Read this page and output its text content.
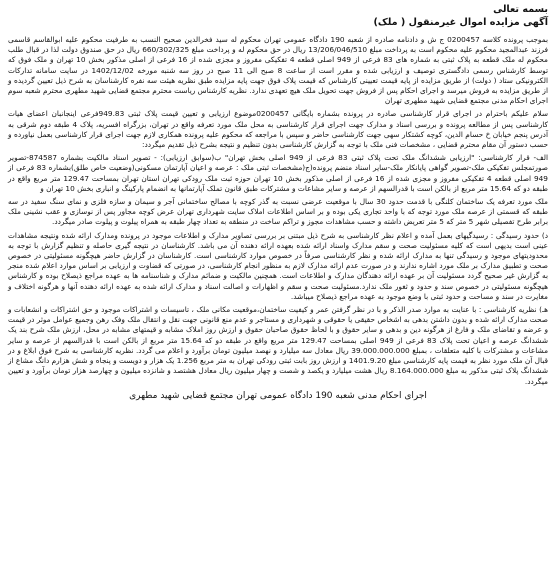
بسمه تعالی
آگهی مزایده اموال غیرمنقول ( ملک)
بموجب پرونده کلاسه 0200457 ج ش و دادنامه صادره از شعبه 190 دادگاه عمومی تهران محکوم له سید فخرالدین صحیح النسب به طرفیت محکوم علیه ابوالقاسم قاسمی فرزند عبدالمجید محکوم علیه محکوم است به پرداخت مبلغ 13/206/046/510 ریال در حق محکوم له و پرداخت مبلغ 660/302/325 ریال در حق صندوق دولت لذا در قبال طلب محکوم له ملک قطعه به پلاک ثبتی به شماره های 83 فرعی از 949 اصلی قطعه 4 تفکیکی مفروز و مجزی شده از 16 فرعی از اصلی مذکور بخش 10 تهران و ملک فوق که توسط کارشناس رسمی دادگستری توصیف و ارزیابی شده و مقرر است از ساعت 8 صبح الی 11 صبح در روز سه شنبه مورخه 1402/12/02 در سایت سامانه تدارکات الکترونیکی ستاد ( دولت) از طریق مزایده از پایه قیمت تعیینی کارشناس که قیمت پلاک فوق جهت پایه مزایده طبق نظریه هیئت سه نفره کارشناسان به شرح ذیل تعیین گردیده و از طریق مزایده به فروش میرسد و اجرای احکام پس از فروش جهت تحویل ملک هیچ تعهدی ندارد. نظریه کارشناس ریاست محترم مجتمع قضایی شهید مطهری محترم شعبه سوم اجرای احکام مدنی مجتمع قضایی شهید مطهری تهران
سلام علیکم باحترام در اجرای قرار کارشناسی صادره در پرونده بشماره بایگانی 0200457موضوع ارزیابی و تعیین قیمت پلاک ثبتی 949.83فرعی اینجانبان اعضای هیات کارشناسی پس از مطالعه پرونده و بررسی اسناد و مدارک جهت اجرای قرار کارشناسی به محل ملک مورد تعرفه واقع در تهران، بزرگراه افسریه، پلاک 4 طبقه دوم شرقی به آدرس پنجم خیابان خ حسام الدین، کوچه کشتکار سهی جهت کارشناسی حاضر و سپس با مراجعه که محکوم علیه پرونده همکاری لازم جهت اجرای قرار کارشناسی بعمل نیاورده و حسب دستور آن مقام محترم قضایی ، مشخصات فنی ملک با توجه به گزارش کارشناسی بدون تنظیم و نتیجه بشرح ذیل تقدیم میگردد:
الف- قرار کارشناسی: "ارزیابی ششدانگ ملک تحت پلاک ثبتی 83 فرعی از 949 اصلی بخش تهران" ب(سوابق ارزیابی): - تصویر اسناد مالکیت بشماره 874587-تصویر صورتمجلس تفکیکی ملک-تصویر گواهی پایانکار ملک-سایر اسناد منضم پرونده(ج(مشخصات ثبتی ملک : عرصه و اعیان آپارتمان مسکونی(وضعیت خاص طلق)بشماره 83 فرعی از 949 اصلی قطعه 4 تفکیکی مفروز و مجزی شده از 16 فرعی از اصلی مذکور بخش 10 تهران حوزه ثبت ملک رودکی تهران استان تهران بمساحت 129.47 متر مربع واقع در طبقه دو که 15.64 متر مربع از بالکن است با قدرالسهم از عرصه و سایر مشاعات و مشترکات طبق قانون تملک آپارتمانها به انضمام پارکینگ و انباری بخش 10 تهران و
ملک مورد تعرفه یک ساختمان کلنگی با قدمت حدود 30 سال با موقعیت عرضی نسبت به گذر کوچه با مصالح ساختمانی آجر و سیمان و سازه فلزی و نمای سنگ سفید در سه طبقه که قسمتی از عرصه ملک مورد توجه که با واحد تجاری یکی بوده و بر اساس اطلاعات املاک سایت شهرداری تهران عرض کوچه مجاور پس از نوسازی و عقب نشینی ملک برابر طرح تفصیلی شهر 5 متر که 5 متر تعریض داشته و حسب مشاهدات مجوز و تراکم ساخت در منطقه به تعداد چهار طبقه به همراه پیلوت و پیلوت صادر میگردد.
د) حدود رسیدگی : رسیدگیهای بعمل آمده و اعلام نظر کارشناسی به شرح ذیل مبتنی بر بررسی تصاویر مدارک و اطلاعات موجود در پرونده ومدارک ارائه شده ونتیجه مشاهدات عینی است بدیهی است که کلیه مسئولیت صحت و سقم مدارک واسناد ارائه شده بعهده ارائه دهنده آن می باشد. کارشناسان در نتیجه گیری حاصله و تنظیم گزارش با توجه به محدودیتهای موجود و رسیدگی تنها به مدارک ارائه شده و نظر کارشناسی صرفاً در خصوص موارد کارشناسی است. کارشناسان در گزارش حاضر هیچگونه مسئولیتی در خصوص صحت و تطبیق مدارک بر ملک مورد اشاره ندارند و در صورت عدم ارائه مدارک لازم به منظور انجام کارشناسی، در صورتی که قضاوت و ارزیابی بر اساس موارد اعلام شده منجر به گزارش غیر صحیح گردد مسئولیت آن بر عهده ارائه دهندگان مدارک و اطلاعات است. همچنین مالکیت و ضمائم مدارک و شناسنامه ها به عهده مراجع ذیصلاح بوده و کارشناس هیچگونه مسئولیتی در خصوص سند و حدود و ثغور ملک ندارد.مسئولیت صحت و سقم و اظهارات و اصالت اسناد و مدارک ارائه شده به عهده ارائه دهنده آنها و هرگونه اختلاف و مغایرت در سند و مساحت و حدود ثبتی با وضع موجود به عهده مراجع ذیصلاح میباشد.
هـ) نظریه کارشناسی : با عنایت به موارد صدر الذکر و با در نظر گرفتن عمر و کیفیت ساختمان،موقعیت مکانی ملک ، تاسیسات و اشتراکات موجود و حق اشتراکات و انشعابات و صحت مدارک ارائه شده و بدون داشتن بدهی به اشخاص حقیقی یا حقوقی و شهرداری و مستاجر و عدم منع قانونی جهت نقل و انتقال ملک وفک رهن وجمیع عوامل موثر در قیمت و عرضه و تقاضای ملک و فارغ از هرگونه دین و بدهی و سایر حقوق و با لحاظ حقوق صاحبان حقوق و ارزش روز املاک مشابه و قیمتهای مشابه در محل، ارزش ملک شرح بند یک ششدانگ عرصه و اعیان تحت پلاک 83 فرعی از 949 اصلی بمساحت 129.47 متر مربع واقع در طبقه دو که 15.64 متر مربع از بالکن است با قدرالسهم از عرصه و سایر مشاعات و مشترکات با کلیه متعلقات ، بمبلغ 39.000.000.000 ریال معادل سه میلیارد و نهصد میلیون تومان برآورد و اعلام می گردد. نظریه کارشناسی به شرح فوق ابلاغ و در قبال آن ملک مورد نظر به قیمت پایه کارشناسی مبلغ 1401.9.20 و ارزش روز بابت ثبتی رودکی تهران به متر مربع 1.256 یک هزار و دویست و پنجاه و شش هزارم دانگ مشاع از ششدانگ پلاک ثبتی مذکور به مبلغ 8.164.000.000 ریال هشت میلیارد و یکصد و شصت و چهار میلیون ریال معادل هشتصد و شانزده میلیون و چهارصد هزار تومان برآورد و تعیین میگردد.
اجرای احکام مدنی شعبه 190 دادگاه عمومی تهران مجتمع قضایی شهید مطهری
